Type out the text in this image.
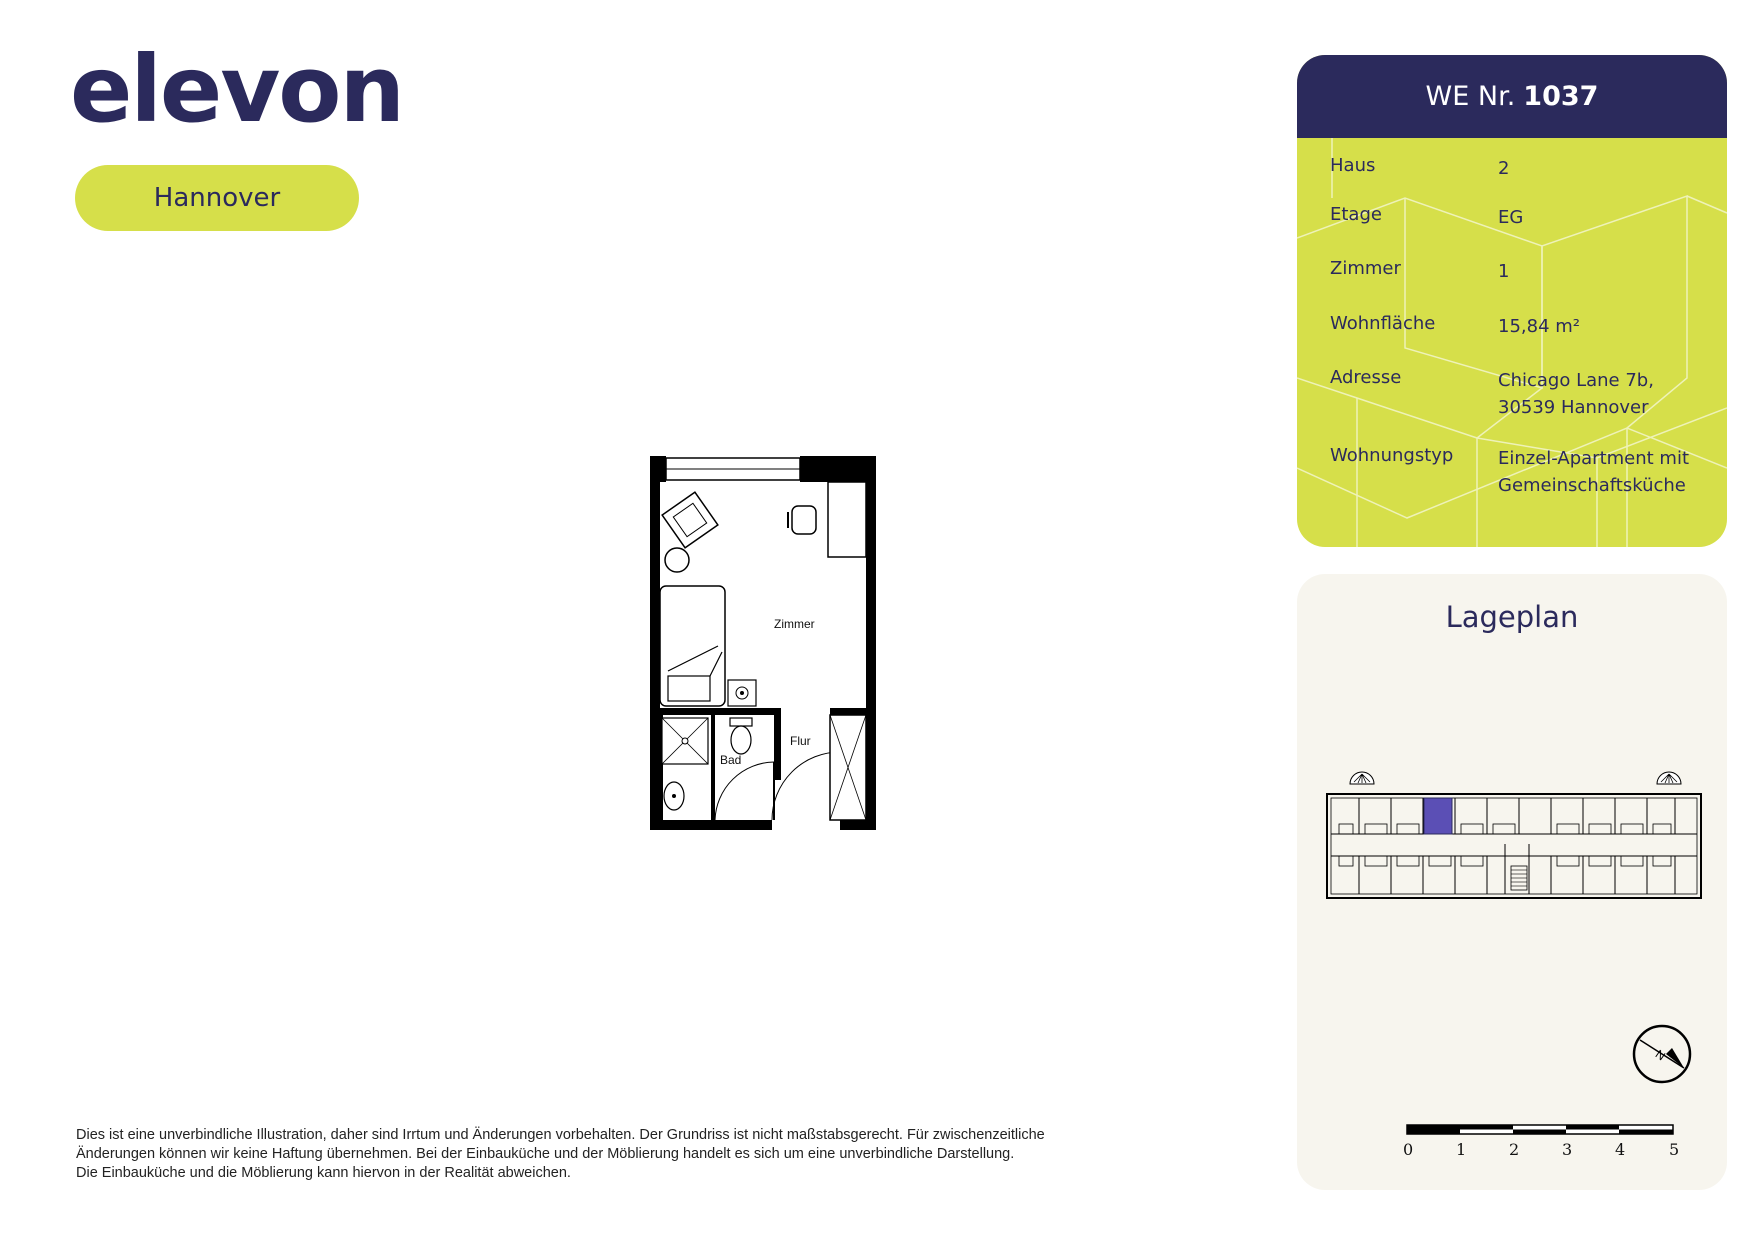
elevon
Hannover
Zimmer
Flur
Bad
Dies ist eine unverbindliche Illustration, daher sind Irrtum und Änderungen vorbehalten. Der Grundriss ist nicht maßstabsgerecht. Für zwischenzeitliche
Änderungen können wir keine Haftung übernehmen. Bei der Einbauküche und der Möblierung handelt es sich um eine unverbindliche Darstellung.
Die Einbauküche und die Möblierung kann hiervon in der Realität abweichen.
WE Nr. 1037
Haus	2
Etage	EG
Zimmer	1
Wohnfläche	15,84 m²
Adresse	Chicago Lane 7b,
30539 Hannover
Wohnungstyp Einzel-Apartment mit
Gemeinschaftsküche
N
Lageplan
0	1	2	3	4	5
